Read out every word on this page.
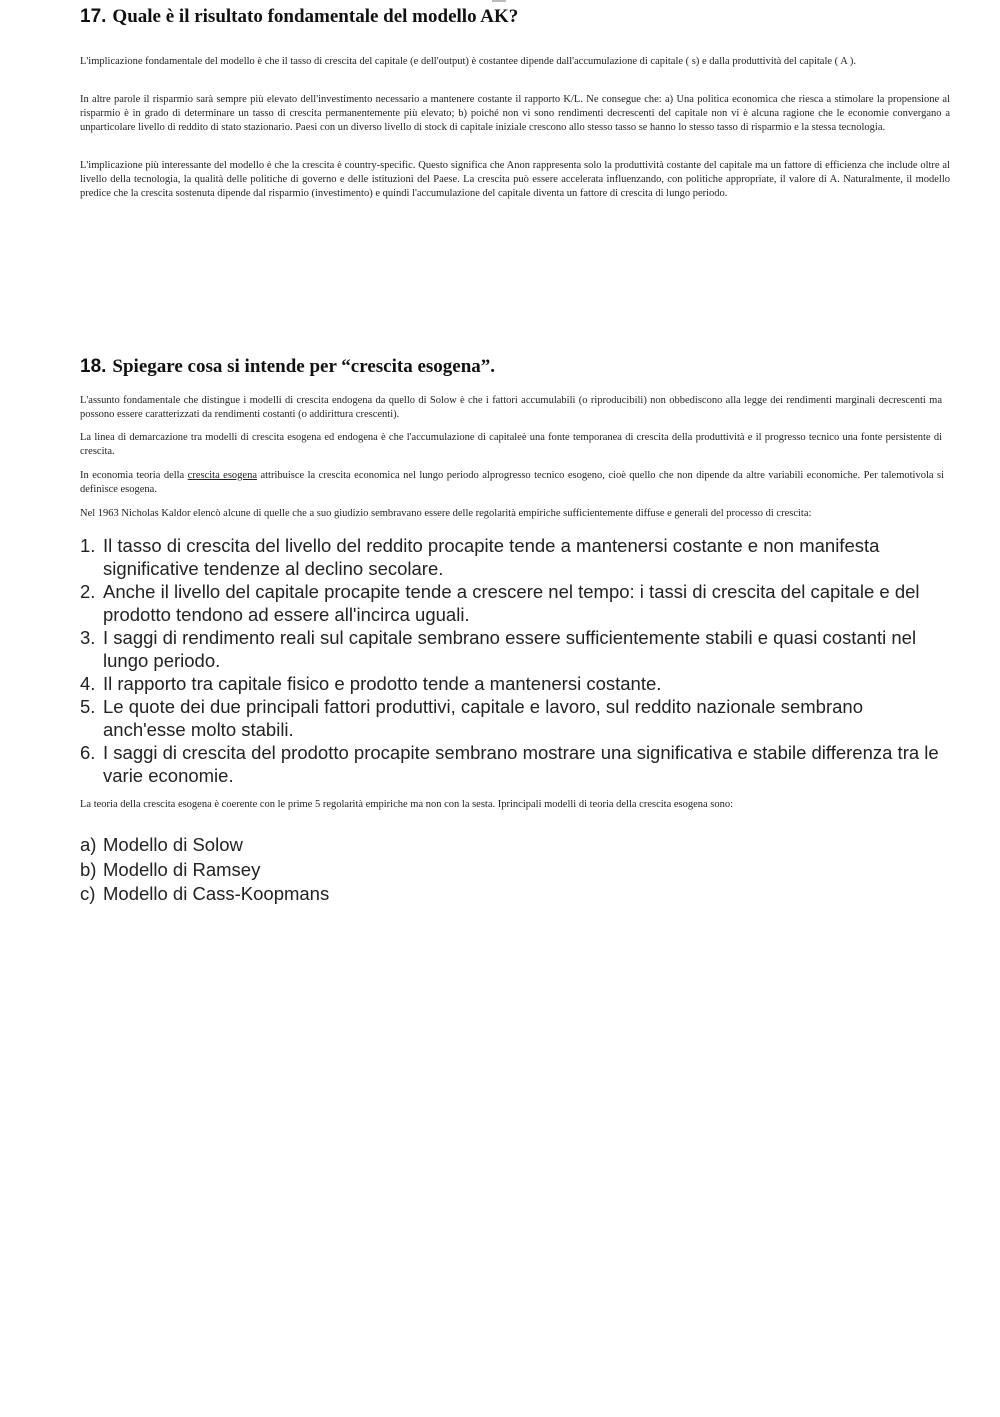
17. Quale è il risultato fondamentale del modello AK?

L'implicazione fondamentale del modello è che il tasso di crescita del capitale (e dell'output) è costantee dipende dall'accumulazione di capitale ( s) e dalla produttività del capitale ( A ).

In altre parole il risparmio sarà sempre più elevato dell'investimento necessario a mantenere costante il rapporto K/L. Ne consegue che: a) Una politica economica che riesca a stimolare la propensione al risparmio è in grado di determinare un tasso di crescita permanentemente più elevato; b) poiché non vi sono rendimenti decrescenti del capitale non vi è alcuna ragione che le economie convergano a unparticolare livello di reddito di stato stazionario. Paesi con un diverso livello di stock di capitale iniziale crescono allo stesso tasso se hanno lo stesso tasso di risparmio e la stessa tecnologia.

L'implicazione più interessante del modello è che la crescita è country-specific. Questo significa che Anon rappresenta solo la produttività costante del capitale ma un fattore di efficienza che include oltre al livello della tecnologia, la qualità delle politiche di governo e delle istituzioni del Paese. La crescita può essere accelerata influenzando, con politiche appropriate, il valore di A. Naturalmente, il modello predice che la crescita sostenuta dipende dal risparmio (investimento) e quindi l'accumulazione del capitale diventa un fattore di crescita di lungo periodo.

18. Spiegare cosa si intende per “crescita esogena”.

L'assunto fondamentale che distingue i modelli di crescita endogena da quello di Solow è che i fattori accumulabili (o riproducibili) non obbediscono alla legge dei rendimenti marginali decrescenti ma possono essere caratterizzati da rendimenti costanti (o addirittura crescenti).

La linea di demarcazione tra modelli di crescita esogena ed endogena è che l'accumulazione di capitaleè una fonte temporanea di crescita della produttività e il progresso tecnico una fonte persistente di crescita.

In economia teoria della crescita esogena attribuisce la crescita economica nel lungo periodo alprogresso tecnico esogeno, cioè quello che non dipende da altre variabili economiche. Per talemotivola si definisce esogena.

Nel 1963 Nicholas Kaldor elencò alcune di quelle che a suo giudizio sembravano essere delle regolarità empiriche sufficientemente diffuse e generali del processo di crescita:

1. Il tasso di crescita del livello del reddito procapite tende a mantenersi costante e non manifesta significative tendenze al declino secolare.
2. Anche il livello del capitale procapite tende a crescere nel tempo: i tassi di crescita del capitale e del prodotto tendono ad essere all'incirca uguali.
3. I saggi di rendimento reali sul capitale sembrano essere sufficientemente stabili e quasi costanti nel lungo periodo.
4. Il rapporto tra capitale fisico e prodotto tende a mantenersi costante.
5. Le quote dei due principali fattori produttivi, capitale e lavoro, sul reddito nazionale sembrano anch'esse molto stabili.
6. I saggi di crescita del prodotto procapite sembrano mostrare una significativa e stabile differenza tra le varie economie.

La teoria della crescita esogena è coerente con le prime 5 regolarità empiriche ma non con la sesta. Iprincipali modelli di teoria della crescita esogena sono:

a) Modello di Solow
b) Modello di Ramsey
c) Modello di Cass-Koopmans
